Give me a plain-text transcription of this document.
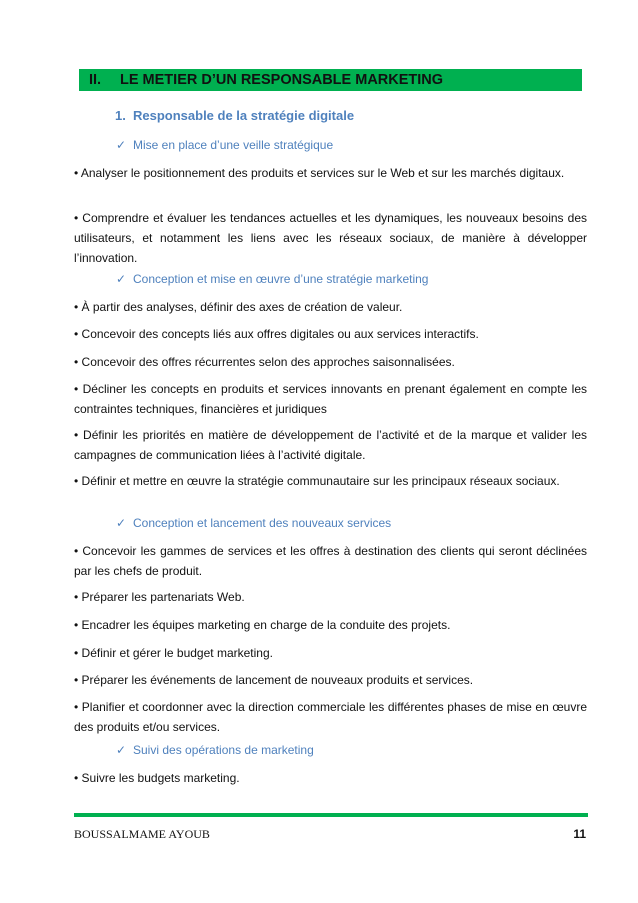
II. LE METIER D’UN RESPONSABLE MARKETING
1. Responsable de la stratégie digitale
✓ Mise en place d’une veille stratégique
• Analyser le positionnement des produits et services sur le Web et sur les marchés digitaux.
• Comprendre et évaluer les tendances actuelles et les dynamiques, les nouveaux besoins des utilisateurs, et notamment les liens avec les réseaux sociaux, de manière à développer l’innovation.
✓ Conception et mise en œuvre d’une stratégie marketing
• À partir des analyses, définir des axes de création de valeur.
• Concevoir des concepts liés aux offres digitales ou aux services interactifs.
• Concevoir des offres récurrentes selon des approches saisonnalisées.
• Décliner les concepts en produits et services innovants en prenant également en compte les contraintes techniques, financières et juridiques
• Définir les priorités en matière de développement de l’activité et de la marque et valider les campagnes de communication liées à l’activité digitale.
• Définir et mettre en œuvre la stratégie communautaire sur les principaux réseaux sociaux.
✓ Conception et lancement des nouveaux services
• Concevoir les gammes de services et les offres à destination des clients qui seront déclinées par les chefs de produit.
• Préparer les partenariats Web.
• Encadrer les équipes marketing en charge de la conduite des projets.
• Définir et gérer le budget marketing.
• Préparer les événements de lancement de nouveaux produits et services.
• Planifier et coordonner avec la direction commerciale les différentes phases de mise en œuvre des produits et/ou services.
✓ Suivi des opérations de marketing
• Suivre les budgets marketing.
BOUSSALMAME AYOUB	11
